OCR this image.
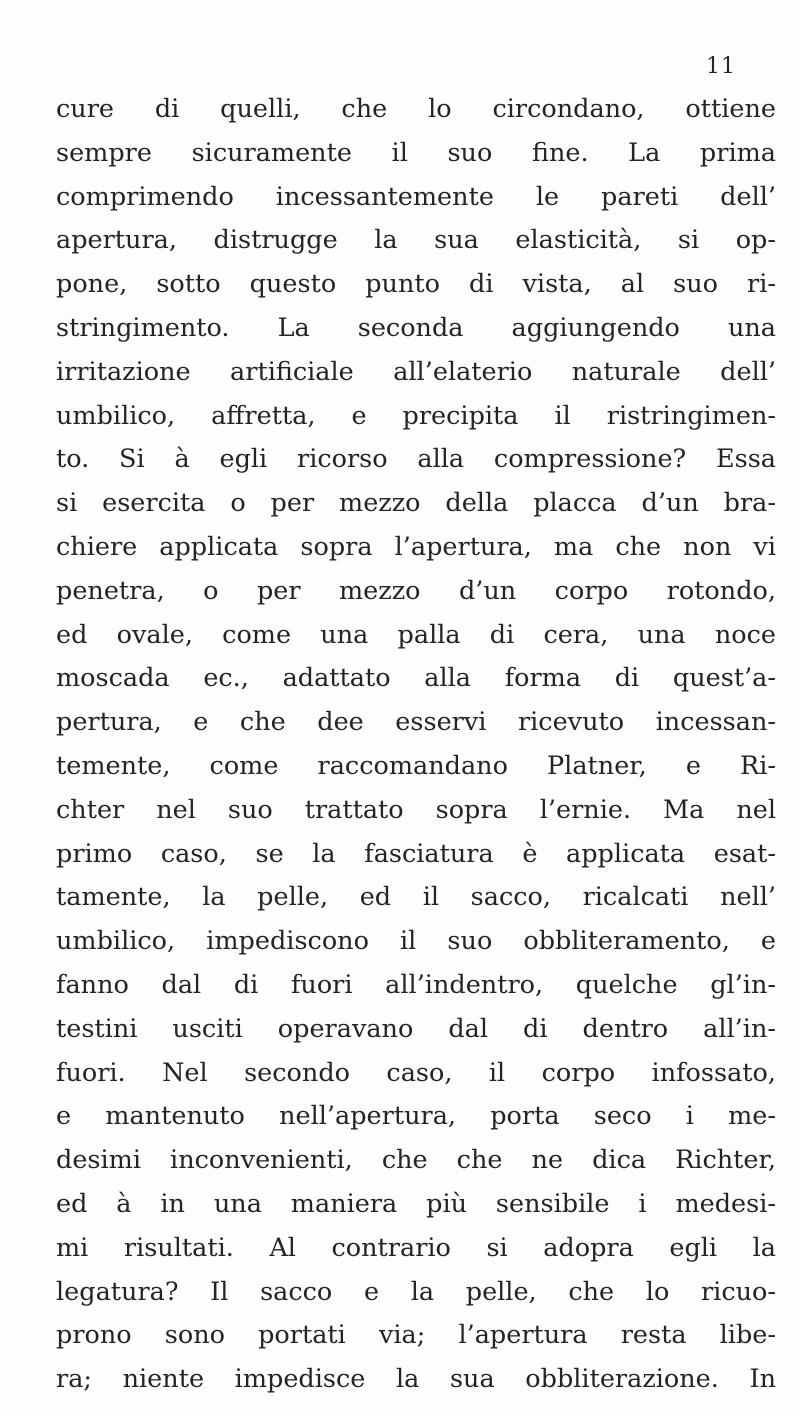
11
cure di quelli, che lo circondano, ottiene
sempre sicuramente il suo fine. La prima
comprimendo incessantemente le pareti dell’
apertura, distrugge la sua elasticità, si op-
pone, sotto questo punto di vista, al suo ri-
stringimento. La seconda aggiungendo una
irritazione artificiale all’elaterio naturale dell’
umbilico, affretta, e precipita il ristringimen-
to. Si à egli ricorso alla compressione? Essa
si esercita o per mezzo della placca d’un bra-
chiere applicata sopra l’apertura, ma che non vi
penetra, o per mezzo d’un corpo rotondo,
ed ovale, come una palla di cera, una noce
moscada ec., adattato alla forma di quest’a-
pertura, e che dee esservi ricevuto incessan-
temente, come raccomandano Platner, e Ri-
chter nel suo trattato sopra l’ernie. Ma nel
primo caso, se la fasciatura è applicata esat-
tamente, la pelle, ed il sacco, ricalcati nell’
umbilico, impediscono il suo obbliteramento, e
fanno dal di fuori all’indentro, quelche gl’in-
testini usciti operavano dal di dentro all’in-
fuori. Nel secondo caso, il corpo infossato,
e mantenuto nell’apertura, porta seco i me-
desimi inconvenienti, che che ne dica Richter,
ed à in una maniera più sensibile i medesi-
mi risultati. Al contrario si adopra egli la
legatura? Il sacco e la pelle, che lo ricuo-
prono sono portati via; l’apertura resta libe-
ra; niente impedisce la sua obbliterazione. In
